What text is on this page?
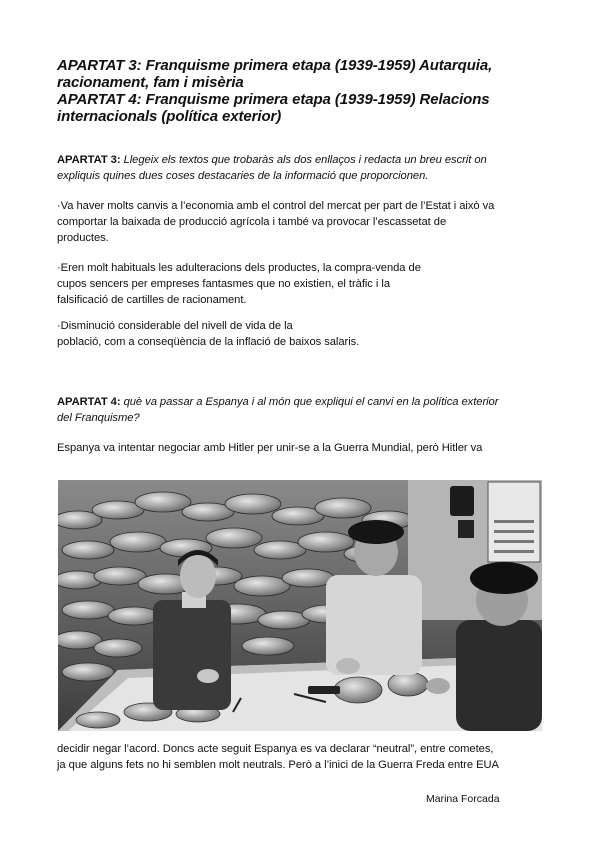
APARTAT 3: Franquisme primera etapa (1939-1959) Autarquia,
racionament, fam i misèria
APARTAT 4: Franquisme primera etapa (1939-1959) Relacions
internacionals (política exterior)

APARTAT 3: Llegeix els textos que trobaràs als dos enllaços i redacta un breu escrit on

expliquis quines dues coses destacaries de la informació que proporcionen.

·Va haver molts canvis a l’economia amb el control del mercat per part de l’Estat i això va

comportar la baixada de producció agrícola i també va provocar l’escassetat de

productes.

·Eren molt habituals les adulteracions dels productes, la compra-venda de

cupos sencers per empreses fantasmes que no existien, el tràfic i la

falsificació de cartilles de racionament.

·Disminució considerable del nivell de vida de la

població, com a conseqüència de la inflació de baixos salaris.

APARTAT 4: què va passar a Espanya i al món que expliqui el canvi en la política exterior

del Franquisme?

Espanya va intentar negociar amb Hitler per unir-se a la Guerra Mundial, però Hitler va

decidir negar l’acord. Doncs acte seguit Espanya es va declarar “neutral”, entre cometes,

ja que alguns fets no hi semblen molt neutrals. Però a l’inici de la Guerra Freda entre EUA

Marina Forcada
